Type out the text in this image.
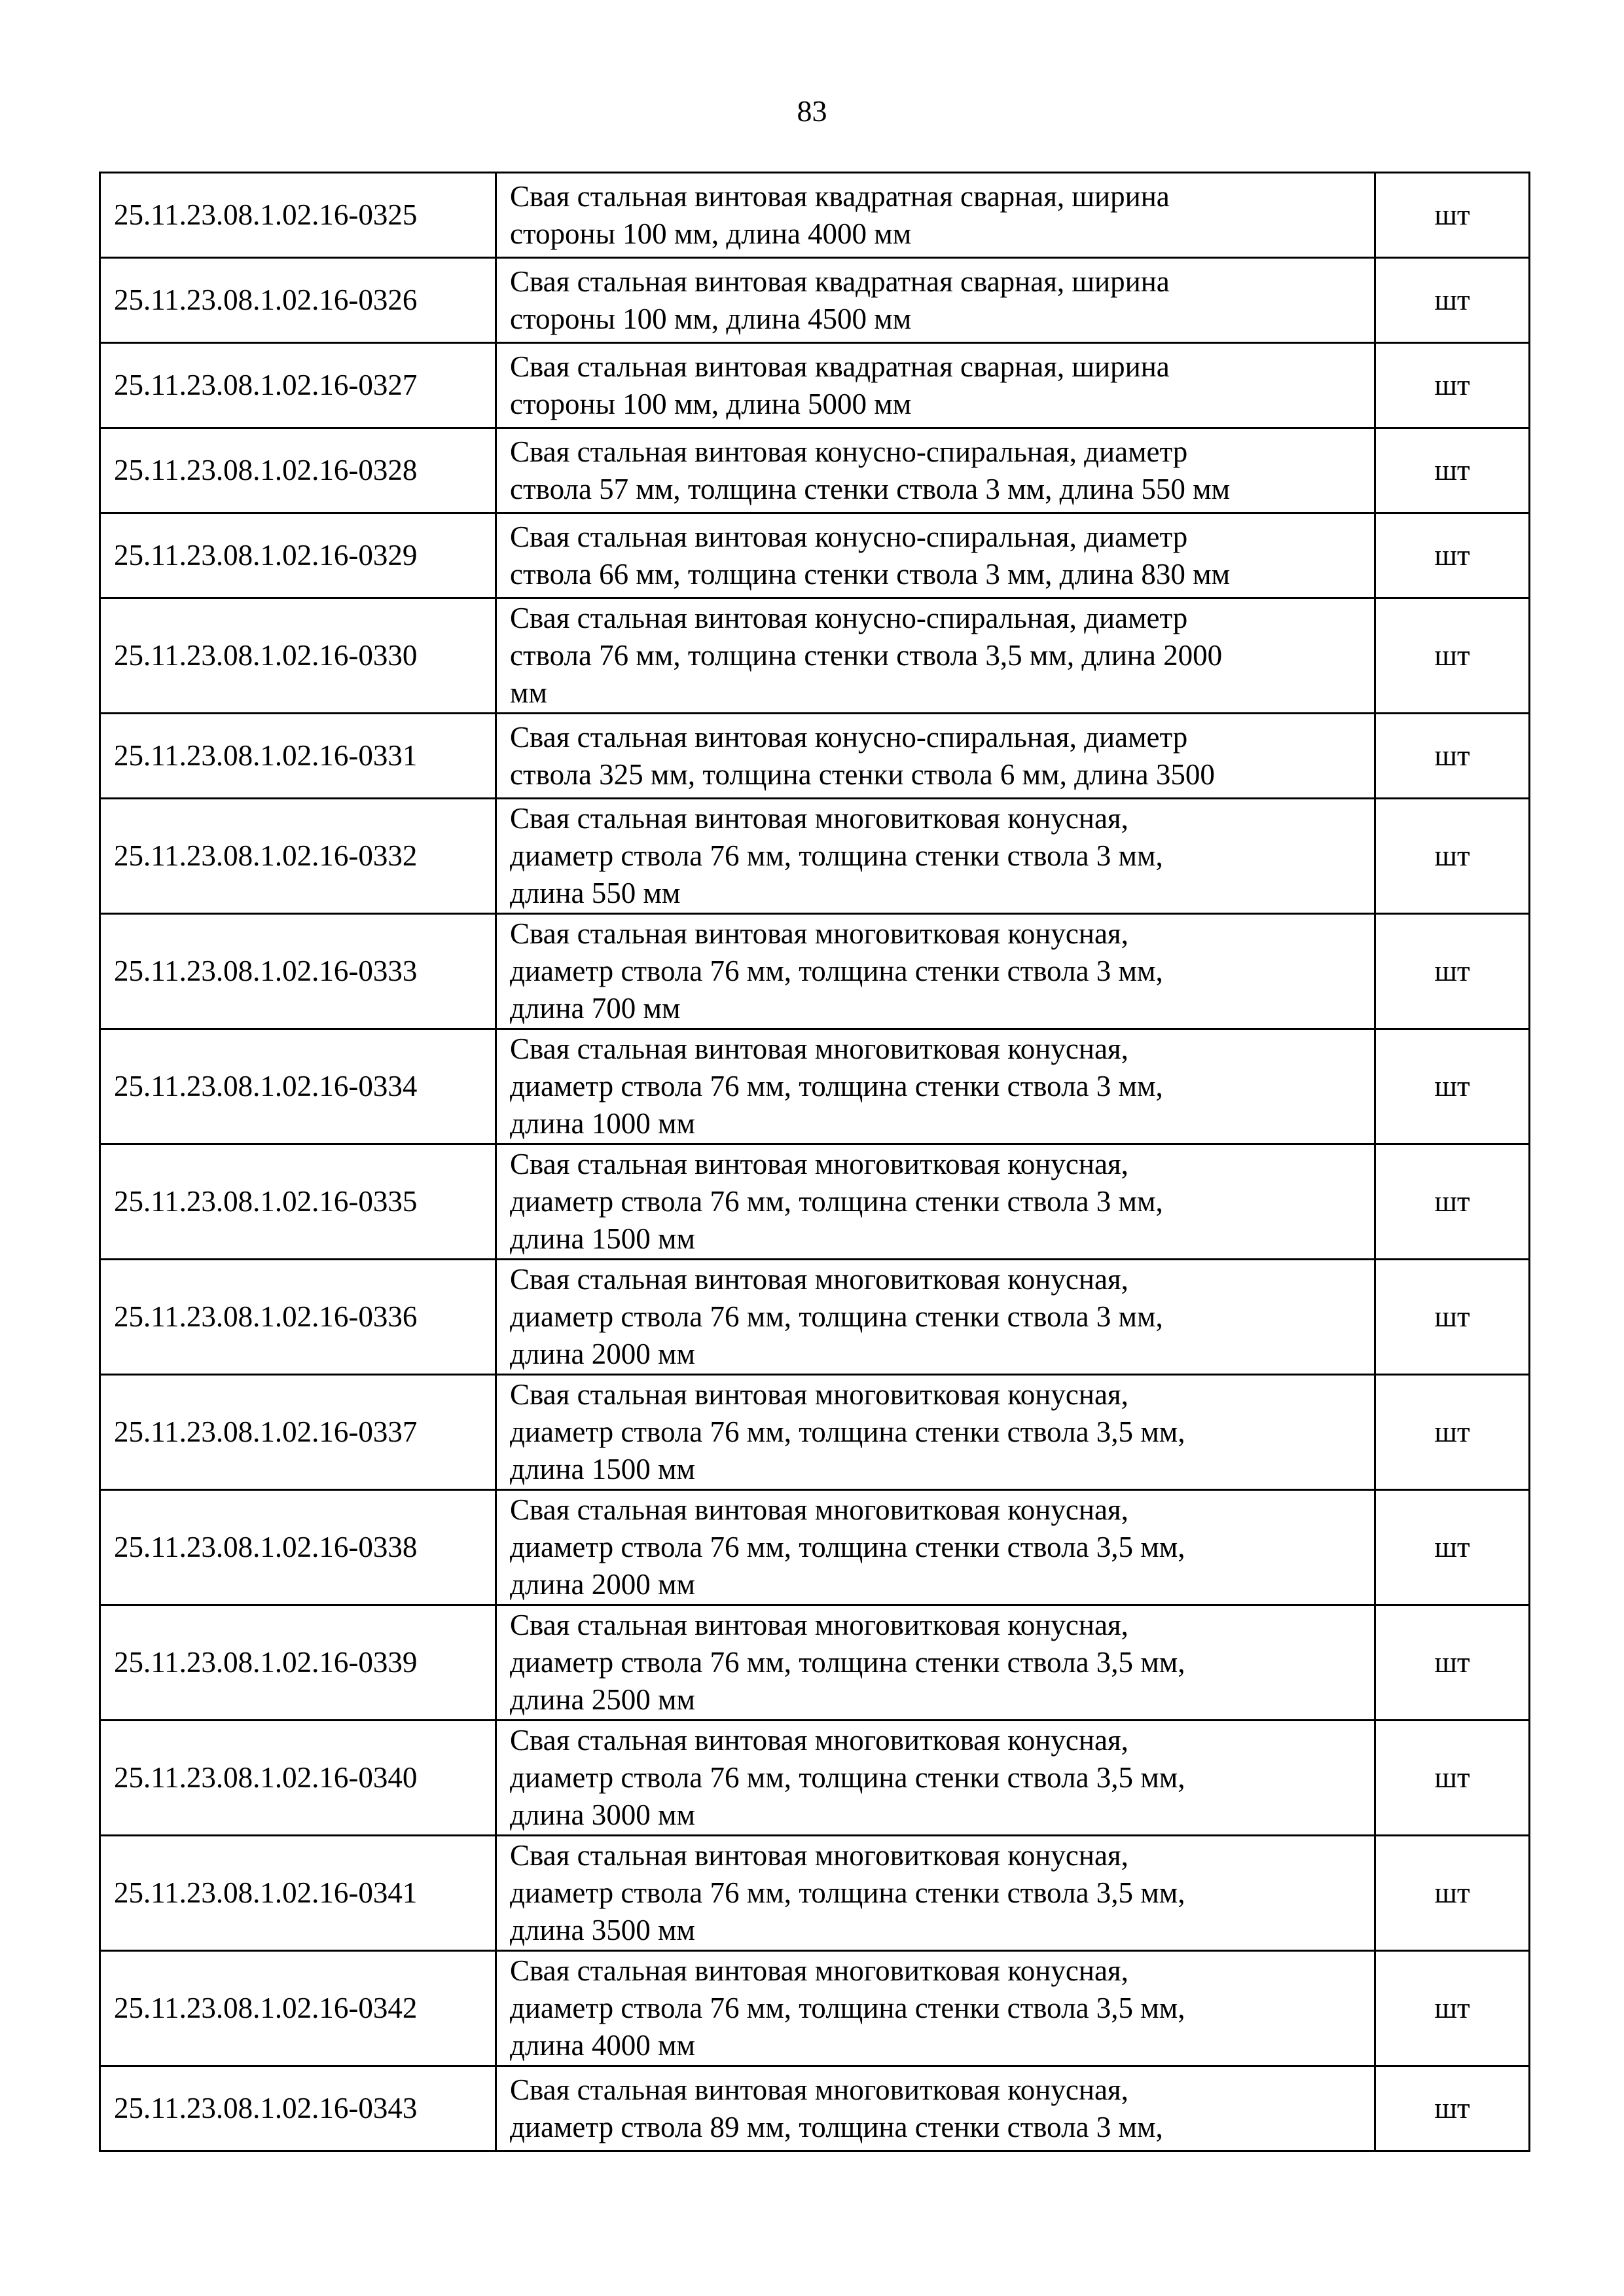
83
25.11.23.08.1.02.16-0325	Свая стальная винтовая квадратная сварная, ширина
стороны 100 мм, длина 4000 мм	шт
25.11.23.08.1.02.16-0326	Свая стальная винтовая квадратная сварная, ширина
стороны 100 мм, длина 4500 мм	шт
25.11.23.08.1.02.16-0327	Свая стальная винтовая квадратная сварная, ширина
стороны 100 мм, длина 5000 мм	шт
25.11.23.08.1.02.16-0328	Свая стальная винтовая конусно-спиральная, диаметр
ствола 57 мм, толщина стенки ствола 3 мм, длина 550 мм	шт
25.11.23.08.1.02.16-0329	Свая стальная винтовая конусно-спиральная, диаметр
ствола 66 мм, толщина стенки ствола 3 мм, длина 830 мм	шт
25.11.23.08.1.02.16-0330	Свая стальная винтовая конусно-спиральная, диаметр
ствола 76 мм, толщина стенки ствола 3,5 мм, длина 2000
мм	шт
25.11.23.08.1.02.16-0331	Свая стальная винтовая конусно-спиральная, диаметр
ствола 325 мм, толщина стенки ствола 6 мм, длина 3500	шт
25.11.23.08.1.02.16-0332	Свая стальная винтовая многовитковая конусная,
диаметр ствола 76 мм, толщина стенки ствола 3 мм,
длина 550 мм	шт
25.11.23.08.1.02.16-0333	Свая стальная винтовая многовитковая конусная,
диаметр ствола 76 мм, толщина стенки ствола 3 мм,
длина 700 мм	шт
25.11.23.08.1.02.16-0334	Свая стальная винтовая многовитковая конусная,
диаметр ствола 76 мм, толщина стенки ствола 3 мм,
длина 1000 мм	шт
25.11.23.08.1.02.16-0335	Свая стальная винтовая многовитковая конусная,
диаметр ствола 76 мм, толщина стенки ствола 3 мм,
длина 1500 мм	шт
25.11.23.08.1.02.16-0336	Свая стальная винтовая многовитковая конусная,
диаметр ствола 76 мм, толщина стенки ствола 3 мм,
длина 2000 мм	шт
25.11.23.08.1.02.16-0337	Свая стальная винтовая многовитковая конусная,
диаметр ствола 76 мм, толщина стенки ствола 3,5 мм,
длина 1500 мм	шт
25.11.23.08.1.02.16-0338	Свая стальная винтовая многовитковая конусная,
диаметр ствола 76 мм, толщина стенки ствола 3,5 мм,
длина 2000 мм	шт
25.11.23.08.1.02.16-0339	Свая стальная винтовая многовитковая конусная,
диаметр ствола 76 мм, толщина стенки ствола 3,5 мм,
длина 2500 мм	шт
25.11.23.08.1.02.16-0340	Свая стальная винтовая многовитковая конусная,
диаметр ствола 76 мм, толщина стенки ствола 3,5 мм,
длина 3000 мм	шт
25.11.23.08.1.02.16-0341	Свая стальная винтовая многовитковая конусная,
диаметр ствола 76 мм, толщина стенки ствола 3,5 мм,
длина 3500 мм	шт
25.11.23.08.1.02.16-0342	Свая стальная винтовая многовитковая конусная,
диаметр ствола 76 мм, толщина стенки ствола 3,5 мм,
длина 4000 мм	шт
25.11.23.08.1.02.16-0343	Свая стальная винтовая многовитковая конусная,
диаметр ствола 89 мм, толщина стенки ствола 3 мм,	шт
